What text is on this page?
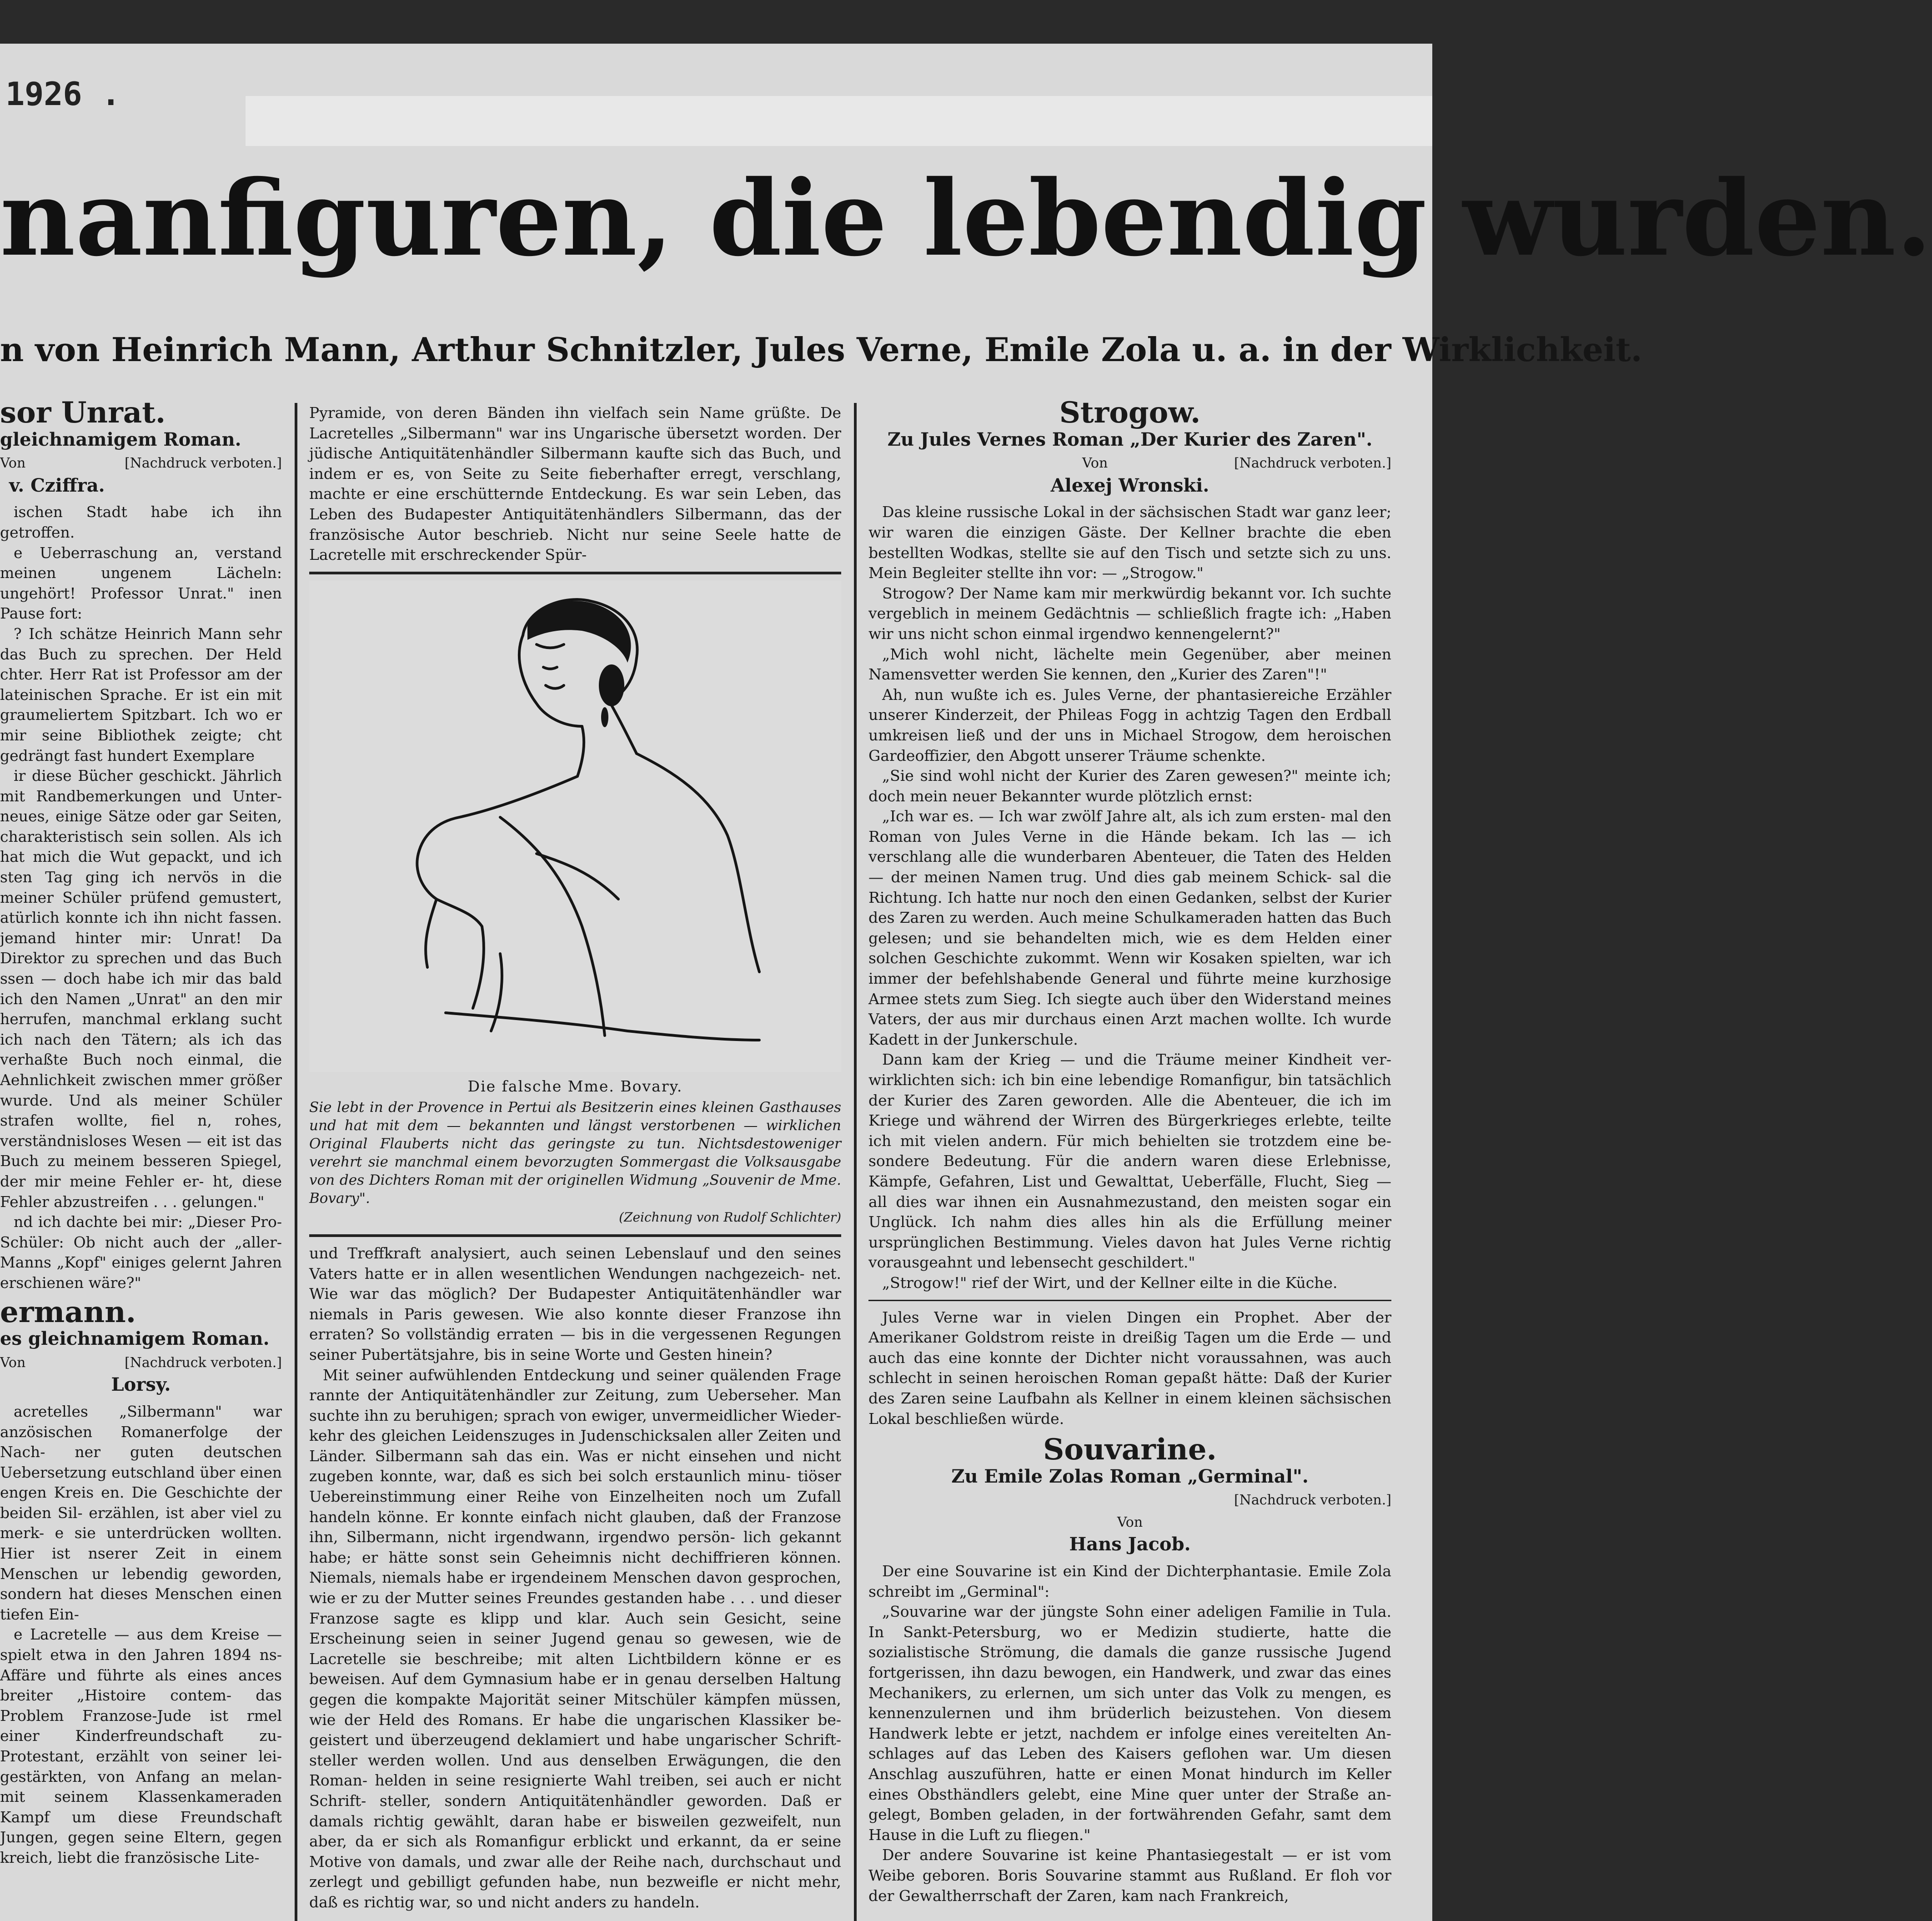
1926 .
nanfiguren, die lebendig wurden.
n von Heinrich Mann, Arthur Schnitzler, Jules Verne, Emile Zola u. a. in der Wirklichkeit.
sor Unrat.
gleichnamigem Roman.
Von	[Nachdruck verboten.]
v. Cziffra.

ischen Stadt habe ich ihn getroffen.

e Ueberraschung an, verstand meinen ungenem Lächeln: ungehört! Professor Unrat." inen Pause fort:

? Ich schätze Heinrich Mann sehr das Buch zu sprechen. Der Held chter. Herr Rat ist Professor am der lateinischen Sprache. Er ist ein mit graumeliertem Spitzbart. Ich wo er mir seine Bibliothek zeigte; cht gedrängt fast hundert Exemplare

ir diese Bücher geschickt. Jährlich mit Randbemerkungen und Unter- neues, einige Sätze oder gar Seiten, charakteristisch sein sollen. Als ich hat mich die Wut gepackt, und ich sten Tag ging ich nervös in die meiner Schüler prüfend gemustert, atürlich konnte ich ihn nicht fassen. jemand hinter mir: Unrat! Da Direktor zu sprechen und das Buch ssen — doch habe ich mir das bald ich den Namen „Unrat" an den mir herrufen, manchmal erklang sucht ich nach den Tätern; als ich das verhaßte Buch noch einmal, die Aehnlichkeit zwischen mmer größer wurde. Und als meiner Schüler strafen wollte, fiel n, rohes, verständnisloses Wesen — eit ist das Buch zu meinem besseren Spiegel, der mir meine Fehler er- ht, diese Fehler abzustreifen . . . gelungen."

nd ich dachte bei mir: „Dieser Pro- Schüler: Ob nicht auch der „aller- Manns „Kopf" einiges gelernt Jahren erschienen wäre?"

ermann.
es gleichnamigem Roman.
Von	[Nachdruck verboten.]
Lorsy.

acretelles „Silbermann" war anzösischen Romanerfolge der Nach- ner guten deutschen Uebersetzung eutschland über einen engen Kreis en. Die Geschichte der beiden Sil- erzählen, ist aber viel zu merk- e sie unterdrücken wollten. Hier ist nserer Zeit in einem Menschen ur lebendig geworden, sondern hat dieses Menschen einen tiefen Ein-

e Lacretelle — aus dem Kreise — spielt etwa in den Jahren 1894 ns-Affäre und führte als eines ances breiter „Histoire contem- das Problem Franzose-Jude ist rmel einer Kinderfreundschaft zu- Protestant, erzählt von seiner lei- gestärkten, von Anfang an melan- mit seinem Klassenkameraden Kampf um diese Freundschaft Jungen, gegen seine Eltern, gegen kreich, liebt die französische Lite-

Pyramide, von deren Bänden ihn vielfach sein Name grüßte. De Lacretelles „Silbermann" war ins Ungarische übersetzt worden. Der jüdische Antiquitätenhändler Silbermann kaufte sich das Buch, und indem er es, von Seite zu Seite fieberhafter erregt, verschlang, machte er eine erschütternde Entdeckung. Es war sein Leben, das Leben des Budapester Antiquitätenhändlers Silbermann, das der französische Autor beschrieb. Nicht nur seine Seele hatte de Lacretelle mit erschreckender Spür-

Die falsche Mme. Bovary.

Sie lebt in der Provence in Pertui als Besitzerin eines kleinen Gasthauses und hat mit dem — bekannten und längst verstorbenen — wirklichen Original Flauberts nicht das geringste zu tun. Nichtsdestoweniger verehrt sie manchmal einem bevorzugten Sommergast die Volksausgabe von des Dichters Roman mit der originellen Widmung „Souvenir de Mme. Bovary".

(Zeichnung von Rudolf Schlichter)

und Treffkraft analysiert, auch seinen Lebenslauf und den seines Vaters hatte er in allen wesentlichen Wendungen nachgezeich- net. Wie war das möglich? Der Budapester Antiquitätenhändler war niemals in Paris gewesen. Wie also konnte dieser Franzose ihn erraten? So vollständig erraten — bis in die vergessenen Regungen seiner Pubertätsjahre, bis in seine Worte und Gesten hinein?

Mit seiner aufwühlenden Entdeckung und seiner quälenden Frage rannte der Antiquitätenhändler zur Zeitung, zum Ueberseher. Man suchte ihn zu beruhigen; sprach von ewiger, unvermeidlicher Wieder- kehr des gleichen Leidenszuges in Judenschicksalen aller Zeiten und Länder. Silbermann sah das ein. Was er nicht einsehen und nicht zugeben konnte, war, daß es sich bei solch erstaunlich minu- tiöser Uebereinstimmung einer Reihe von Einzelheiten noch um Zufall handeln könne. Er konnte einfach nicht glauben, daß der Franzose ihn, Silbermann, nicht irgendwann, irgendwo persön- lich gekannt habe; er hätte sonst sein Geheimnis nicht dechiffrieren können. Niemals, niemals habe er irgendeinem Menschen davon gesprochen, wie er zu der Mutter seines Freundes gestanden habe . . . und dieser Franzose sagte es klipp und klar. Auch sein Gesicht, seine Erscheinung seien in seiner Jugend genau so gewesen, wie de Lacretelle sie beschreibe; mit alten Lichtbildern könne er es beweisen. Auf dem Gymnasium habe er in genau derselben Haltung gegen die kompakte Majorität seiner Mitschüler kämpfen müssen, wie der Held des Romans. Er habe die ungarischen Klassiker be- geistert und überzeugend deklamiert und habe ungarischer Schrift- steller werden wollen. Und aus denselben Erwägungen, die den Roman- helden in seine resignierte Wahl treiben, sei auch er nicht Schrift- steller, sondern Antiquitätenhändler geworden. Daß er damals richtig gewählt, daran habe er bisweilen gezweifelt, nun aber, da er sich als Romanfigur erblickt und erkannt, da er seine Motive von damals, und zwar alle der Reihe nach, durchschaut und zerlegt und gebilligt gefunden habe, nun bezweifle er nicht mehr, daß es richtig war, so und nicht anders zu handeln.

Strogow.
Zu Jules Vernes Roman „Der Kurier des Zaren".
Von	[Nachdruck verboten.]
Alexej Wronski.

Das kleine russische Lokal in der sächsischen Stadt war ganz leer; wir waren die einzigen Gäste. Der Kellner brachte die eben bestellten Wodkas, stellte sie auf den Tisch und setzte sich zu uns. Mein Begleiter stellte ihn vor: — „Strogow."

Strogow? Der Name kam mir merkwürdig bekannt vor. Ich suchte vergeblich in meinem Gedächtnis — schließlich fragte ich: „Haben wir uns nicht schon einmal irgendwo kennengelernt?"

„Mich wohl nicht, lächelte mein Gegenüber, aber meinen Namensvetter werden Sie kennen, den „Kurier des Zaren"!"

Ah, nun wußte ich es. Jules Verne, der phantasiereiche Erzähler unserer Kinderzeit, der Phileas Fogg in achtzig Tagen den Erdball umkreisen ließ und der uns in Michael Strogow, dem heroischen Gardeoffizier, den Abgott unserer Träume schenkte.

„Sie sind wohl nicht der Kurier des Zaren gewesen?" meinte ich; doch mein neuer Bekannter wurde plötzlich ernst:

„Ich war es. — Ich war zwölf Jahre alt, als ich zum ersten- mal den Roman von Jules Verne in die Hände bekam. Ich las — ich verschlang alle die wunderbaren Abenteuer, die Taten des Helden — der meinen Namen trug. Und dies gab meinem Schick- sal die Richtung. Ich hatte nur noch den einen Gedanken, selbst der Kurier des Zaren zu werden. Auch meine Schulkameraden hatten das Buch gelesen; und sie behandelten mich, wie es dem Helden einer solchen Geschichte zukommt. Wenn wir Kosaken spielten, war ich immer der befehlshabende General und führte meine kurzhosige Armee stets zum Sieg. Ich siegte auch über den Widerstand meines Vaters, der aus mir durchaus einen Arzt machen wollte. Ich wurde Kadett in der Junkerschule.

Dann kam der Krieg — und die Träume meiner Kindheit ver- wirklichten sich: ich bin eine lebendige Romanfigur, bin tatsächlich der Kurier des Zaren geworden. Alle die Abenteuer, die ich im Kriege und während der Wirren des Bürgerkrieges erlebte, teilte ich mit vielen andern. Für mich behielten sie trotzdem eine be- sondere Bedeutung. Für die andern waren diese Erlebnisse, Kämpfe, Gefahren, List und Gewalttat, Ueberfälle, Flucht, Sieg — all dies war ihnen ein Ausnahmezustand, den meisten sogar ein Unglück. Ich nahm dies alles hin als die Erfüllung meiner ursprünglichen Bestimmung. Vieles davon hat Jules Verne richtig vorausgeahnt und lebensecht geschildert."

„Strogow!" rief der Wirt, und der Kellner eilte in die Küche.

Jules Verne war in vielen Dingen ein Prophet. Aber der Amerikaner Goldstrom reiste in dreißig Tagen um die Erde — und auch das eine konnte der Dichter nicht voraussahnen, was auch schlecht in seinen heroischen Roman gepaßt hätte: Daß der Kurier des Zaren seine Laufbahn als Kellner in einem kleinen sächsischen Lokal beschließen würde.

Souvarine.
Zu Emile Zolas Roman „Germinal".
[Nachdruck verboten.]
Von
Hans Jacob.

Der eine Souvarine ist ein Kind der Dichterphantasie. Emile Zola schreibt im „Germinal":

„Souvarine war der jüngste Sohn einer adeligen Familie in Tula. In Sankt-Petersburg, wo er Medizin studierte, hatte die sozialistische Strömung, die damals die ganze russische Jugend fortgerissen, ihn dazu bewogen, ein Handwerk, und zwar das eines Mechanikers, zu erlernen, um sich unter das Volk zu mengen, es kennenzulernen und ihm brüderlich beizustehen. Von diesem Handwerk lebte er jetzt, nachdem er infolge eines vereitelten An- schlages auf das Leben des Kaisers geflohen war. Um diesen Anschlag auszuführen, hatte er einen Monat hindurch im Keller eines Obsthändlers gelebt, eine Mine quer unter der Straße an- gelegt, Bomben geladen, in der fortwährenden Gefahr, samt dem Hause in die Luft zu fliegen."

Der andere Souvarine ist keine Phantasiegestalt — er ist vom Weibe geboren. Boris Souvarine stammt aus Rußland. Er floh vor der Gewaltherrschaft der Zaren, kam nach Frankreich,
